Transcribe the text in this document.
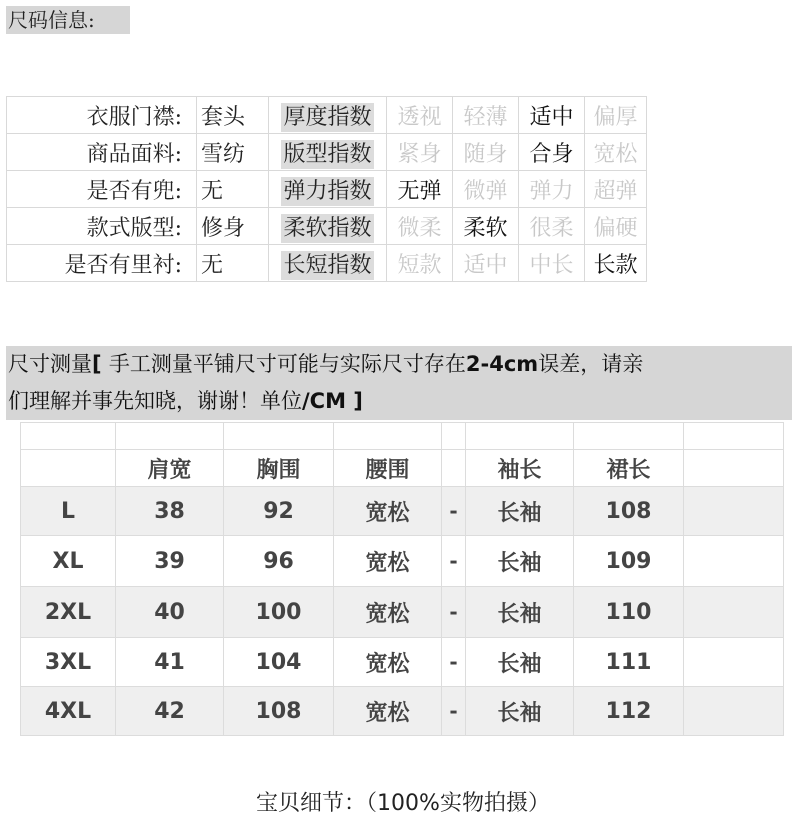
尺码信息:
衣服门襟:	套头	厚度指数	透视	轻薄	适中	偏厚
商品面料:	雪纺	版型指数	紧身	随身	合身	宽松
是否有兜:	无	弹力指数	无弹	微弹	弹力	超弹
款式版型:	修身	柔软指数	微柔	柔软	很柔	偏硬
是否有里衬:	无	长短指数	短款	适中	中长	长款
尺寸测量[ 手工测量平铺尺寸可能与实际尺寸存在2-4cm误差，请亲
们理解并事先知晓，谢谢！单位/CM ]

	肩宽	胸围	腰围		袖长	裙长	
L	38	92	宽松	-	长袖	108	
XL	39	96	宽松	-	长袖	109	
2XL	40	100	宽松	-	长袖	110	
3XL	41	104	宽松	-	长袖	111	
4XL	42	108	宽松	-	长袖	112	
宝贝细节：（100%实物拍摄）
